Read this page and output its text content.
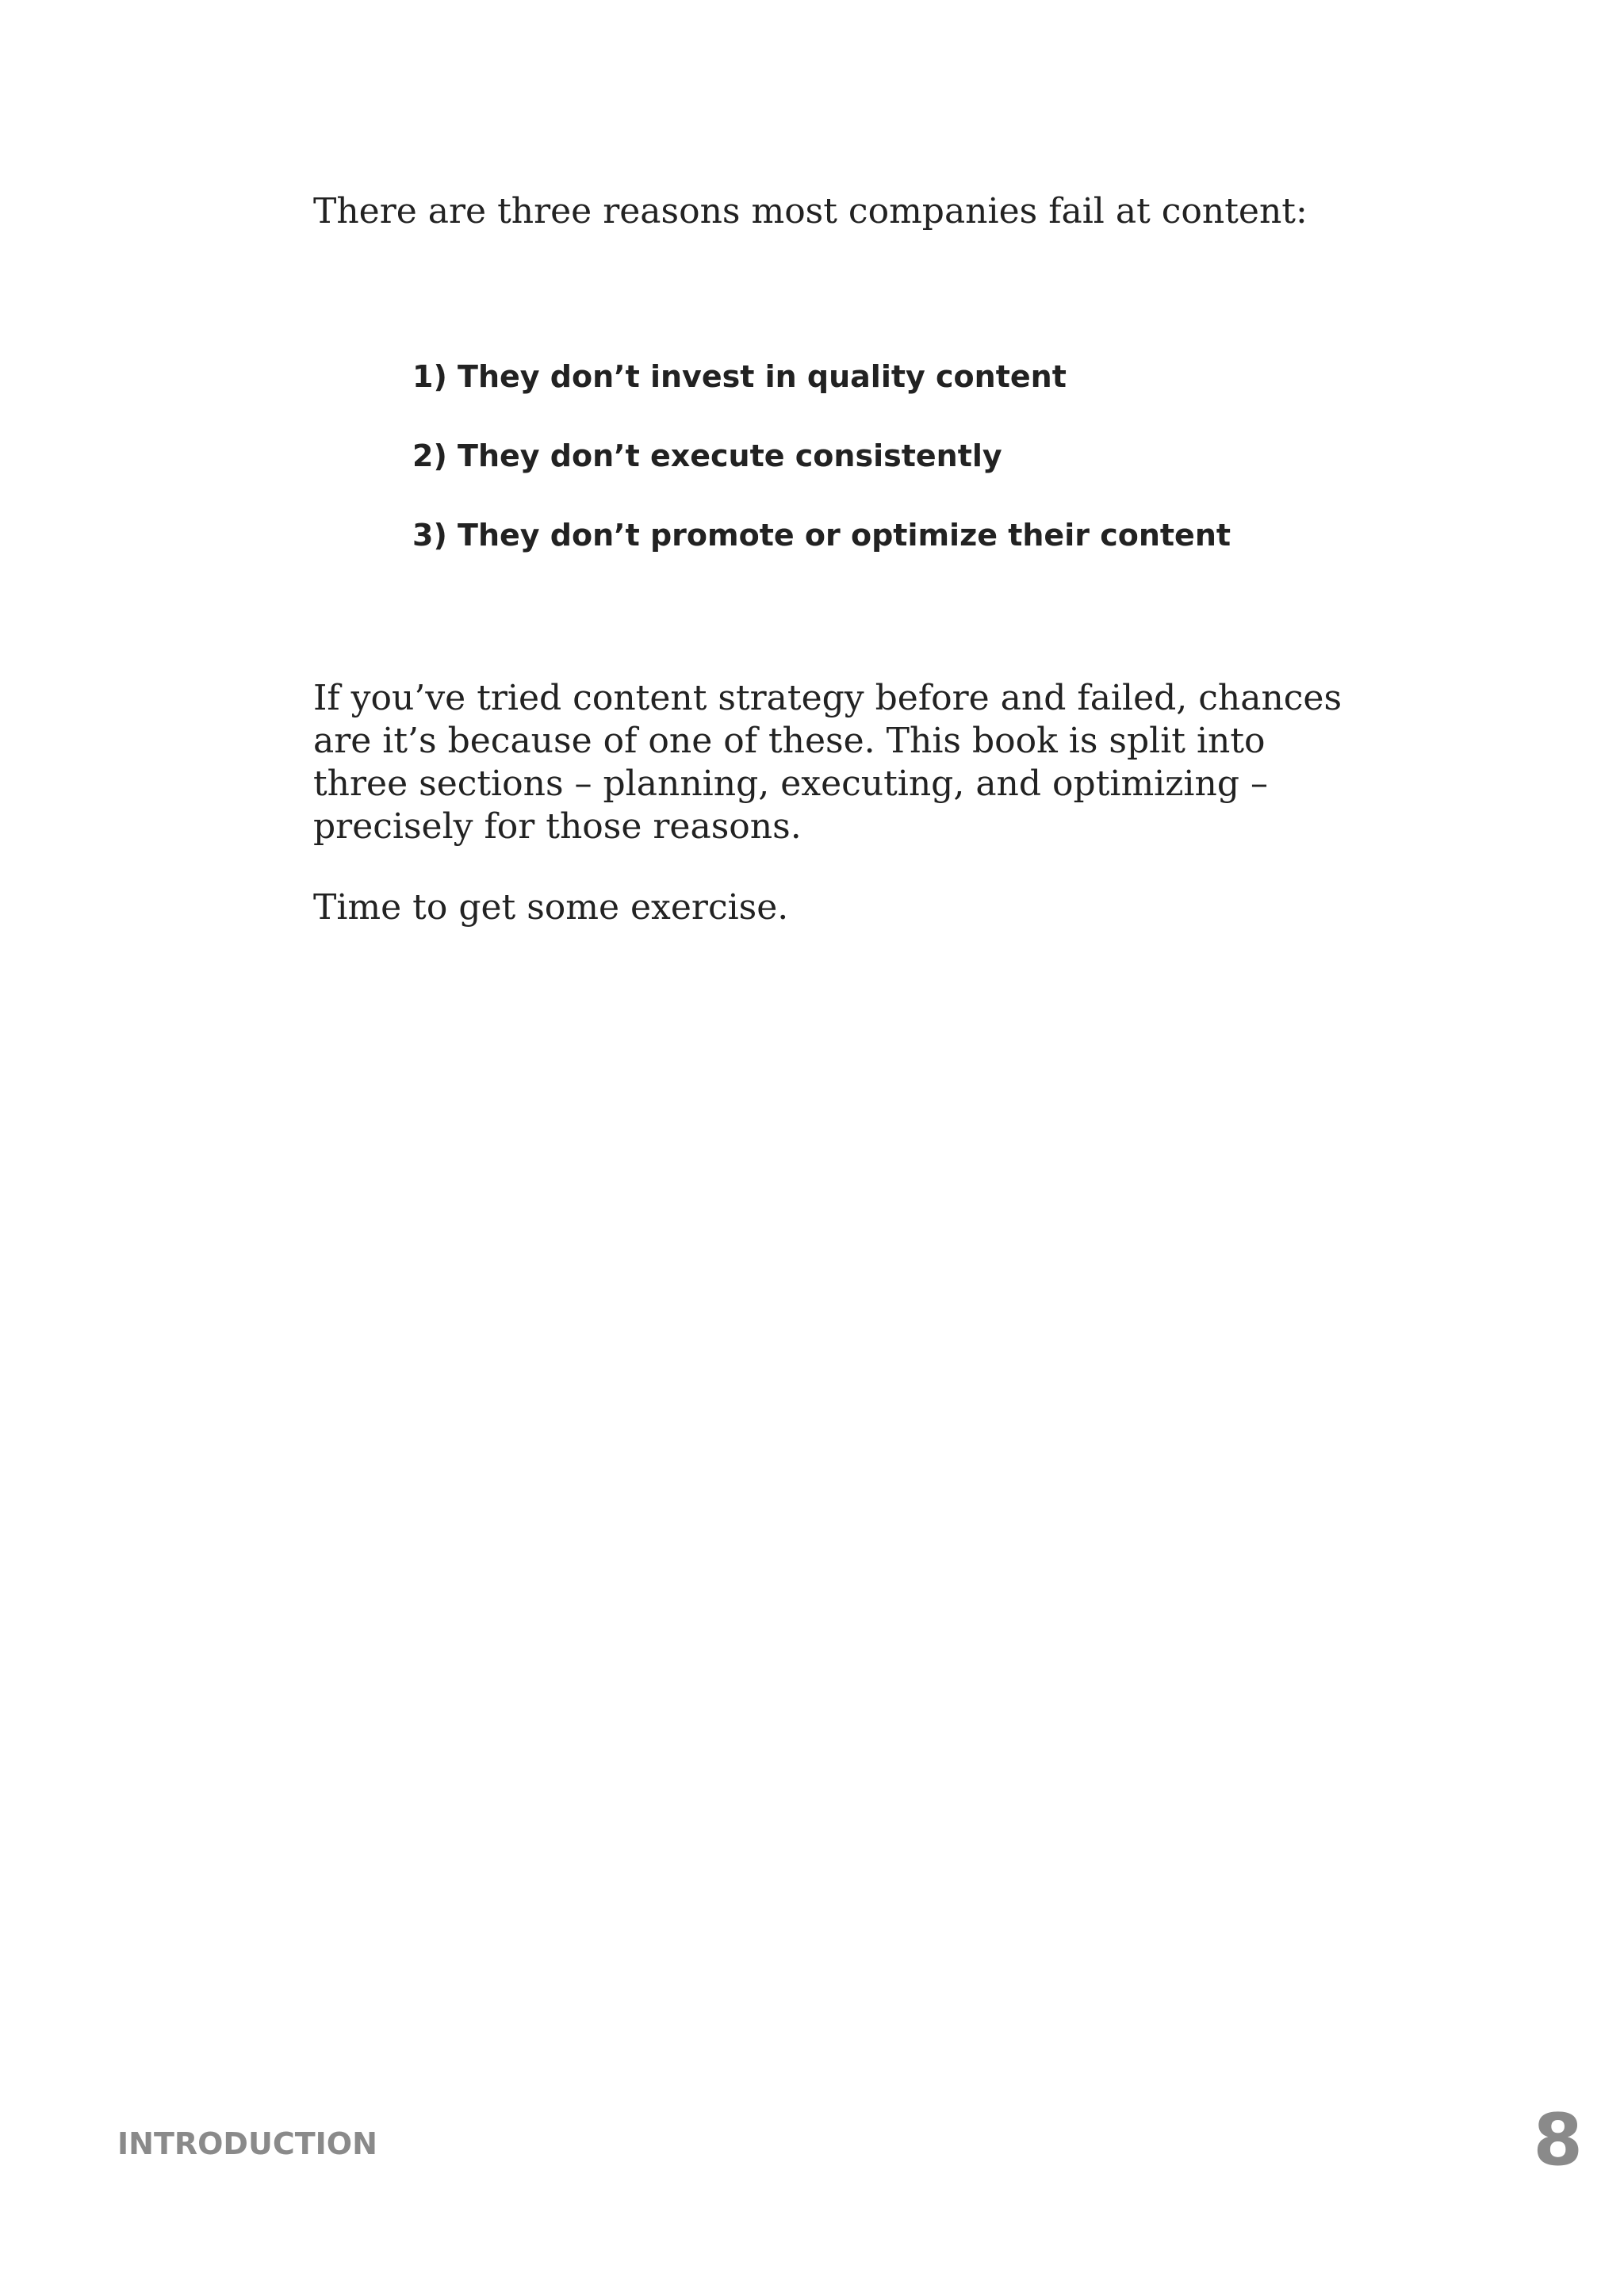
There are three reasons most companies fail at content:

1) They don’t invest in quality content
2) They don’t execute consistently
3) They don’t promote or optimize their content

If you’ve tried content strategy before and failed, chances are it’s because of one of these. This book is split into three sections – planning, executing, and optimizing – precisely for those reasons.

Time to get some exercise.

INTRODUCTION	8
